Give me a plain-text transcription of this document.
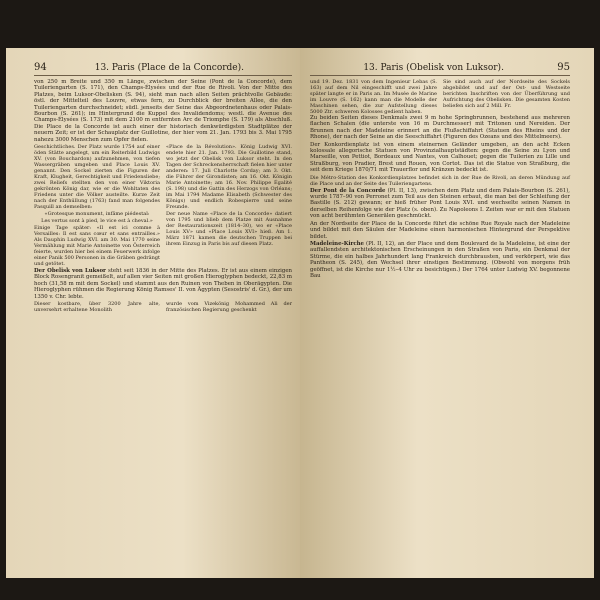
94	13. Paris (Place de la Concorde).

von 250 m Breite und 350 m Länge, zwischen der Seine (Pont de la Concorde), dem Tuileriengarten (S. 171), den Champs-Élysées und der Rue de Rivoli. Von der Mitte des Platzes, beim Luksor-Obelisken (S. 94), sieht man nach allen Seiten prächtvolle Gebäude: östl. der Mittelteil des Louvre, etwas fern, zu Durchblick der breiten Allee, die den Tuileriengarten durchschneidet; südl. jenseits der Seine das Abgeordnetenhaus oder Palais-Bourbon (S. 261); im Hintergrund die Kuppel des Invalidendoms; westl. die Avenue des Champs-Élysées (S. 173) mit dem 2100 m entfernten Arc de Triomphe (S. 179) als Abschluß. Die Place de la Concorde ist auch einer der historisch denkwürdigsten Stadtplätze der neuern Zeit; er ist der Schauplatz der Guillotine, der hier vom 21. Jan. 1793 bis 3. Mai 1795 nahezu 3000 Menschen zum Opfer fielen.

Geschichtliches. Der Platz wurde 1754 auf einer öden Stätte angelegt, um ein Reiterbild Ludwigs XV. (von Bouchardon) aufzunehmen, von tiefen Wassergräben umgeben und Place Louis XV. genannt. Den Sockel zierten die Figuren der Kraft, Klugheit, Gerechtigkeit und Friedensliebe; zwei Reliefs stellten den von einer Viktoria gekrönten König dar, wie er die Wohltaten des Friedens unter die Völker austeilte. Kurze Zeit nach der Enthüllung (1763) fand man folgendes Pasquill an demselben:

«Grotesque monument, infâme piédestal:

Les vertus sont à pied, le vice est à cheval.»

Einige Tage später: «Il est ici comme à Versailles: Il est sans cœur et sans entrailles.» Als Dauphin Ludwig XVI. am 30. Mai 1770 seine Vermählung mit Marie Antoinette von Österreich feierte, wurden hier bei einem Feuerwerk infolge einer Panik 500 Personen in die Gräben gedrängt und getötet.

«Place de la Révolution». König Ludwig XVI. endete hier 21. Jan. 1793. Die Guillotine stand, wo jetzt der Obelisk von Luksor steht. In den Tagen der Schreckensherrschaft fielen hier unter anderen: 17. Juli Charlotte Corday; am 3. Okt. die Führer der Girondisten; am 16. Okt. Königin Marie Antoinette; am 16. Nov. Philippe Égalité (S. 198) und die Gattin des Herzogs von Orléans; im Mai 1794 Madame Elisabeth (Schwester des Königs) und endlich Robespierre und seine Freunde.

Der neue Name «Place de la Concorde» datiert von 1795 und blieb dem Platze mit Ausnahme der Restaurationszeit (1814–30), wo er «Place Louis XV» und «Place Louis XVI» hieß. Am 1. März 1871 kamen die deutschen Truppen bei ihrem Einzug in Paris bis auf diesen Platz.

Der Obelisk von Luksor steht seit 1836 in der Mitte des Platzes. Er ist aus einem einzigen Block Rosengranit gemeißelt, auf allen vier Seiten mit großen Hieroglyphen bedeckt, 22,83 m hoch (31,58 m mit dem Sockel) und stammt aus den Ruinen von Theben in Oberägypten. Die Hieroglyphen rühmen die Regierung König Ramses' II. von Ägypten (Sesostris' d. Gr.), der um 1350 v. Chr. lebte.

Dieser kostbare, über 3200 Jahre alte, unversehrt erhaltene Monolith
wurde vom Vizekönig Mohammed Ali der französischen Regierung geschenkt
13. Paris (Obelisk von Luksor).	95
und 19. Dez. 1831 von dem Ingenieur Lebas (S. 163) auf dem Nil eingeschifft und zwei Jahre später langte er in Paris an. Im Musée de Marine im Louvre (S. 162) kann man die Modelle der Maschinen sehen, die zur Aufstellung dieses 5000 Ztr. schweren Kolosses gedient haben.
Sie sind auch auf der Nordseite des Sockels abgebildet und auf der Ost- und Westseite berichten Inschriften von der Überführung und Aufrichtung des Obelisken. Die gesamten Kosten beliefen sich auf 2 Mill. Fr.

Zu beiden Seiten dieses Denkmals zwei 9 m hohe Springbrunnen, bestehend aus mehreren flachen Schalen (die unterste von 16 m Durchmesser) mit Tritonen und Nereiden. Der Brunnen nach der Madeleine erinnert an die Flußschiffahrt (Statuen des Rheins und der Rhone), der nach der Seine an die Seeschiffahrt (Figuren des Ozeans und des Mittelmeers).

Der Konkordienplatz ist von einem steinernen Geländer umgeben, an den acht Ecken kolossale allegorische Statuen von Provinzialhauptstädten: gegen die Seine zu Lyon und Marseille, von Pettiot, Bordeaux und Nantes, von Calhouet; gegen die Tuilerien zu Lille und Straßburg, von Pradier, Brest und Rouen, von Cortot. Das ist die Statue von Straßburg, die seit dem Kriege 1870/71 mit Trauerflor und Kränzen bedeckt ist.

Die Métro-Station des Konkordienplatzes befindet sich in der Rue de Rivoli, an deren Mündung auf die Place und an der Seite des Tuileriengartens.

Der Pont de la Concorde (Pl. II, 13), zwischen dem Platz und dem Palais-Bourbon (S. 261), wurde 1787–90 von Perronet zum Teil aus den Steinen erbaut, die man bei der Schleifung der Bastille (S. 212) gewann; er hieß früher Pont Louis XVI. und wechselte seinen Namen in derselben Reihenfolge wie der Platz (s. oben). Zu Napoleons I. Zeiten war er mit den Statuen von acht berühmten Generälen geschmückt.

An der Nordseite der Place de la Concorde führt die schöne Rue Royale nach der Madeleine und bildet mit den Säulen der Madeleine einen harmonischen Hintergrund der Perspektive bildet.

Madeleine-Kirche (Pl. II, 12), an der Place und dem Boulevard de la Madeleine, ist eine der auffallendsten architektonischen Erscheinungen in den Straßen von Paris, ein Denkmal der Stürme, die ein halbes Jahrhundert lang Frankreich durchbrausten, und verkörpert, wie das Pantheon (S. 245), den Wechsel ihrer einstigen Bestimmung. (Obwohl von morgens früh geöffnet, ist die Kirche nur 1½–4 Uhr zu besichtigen.) Der 1764 unter Ludwig XV. begonnene Bau
